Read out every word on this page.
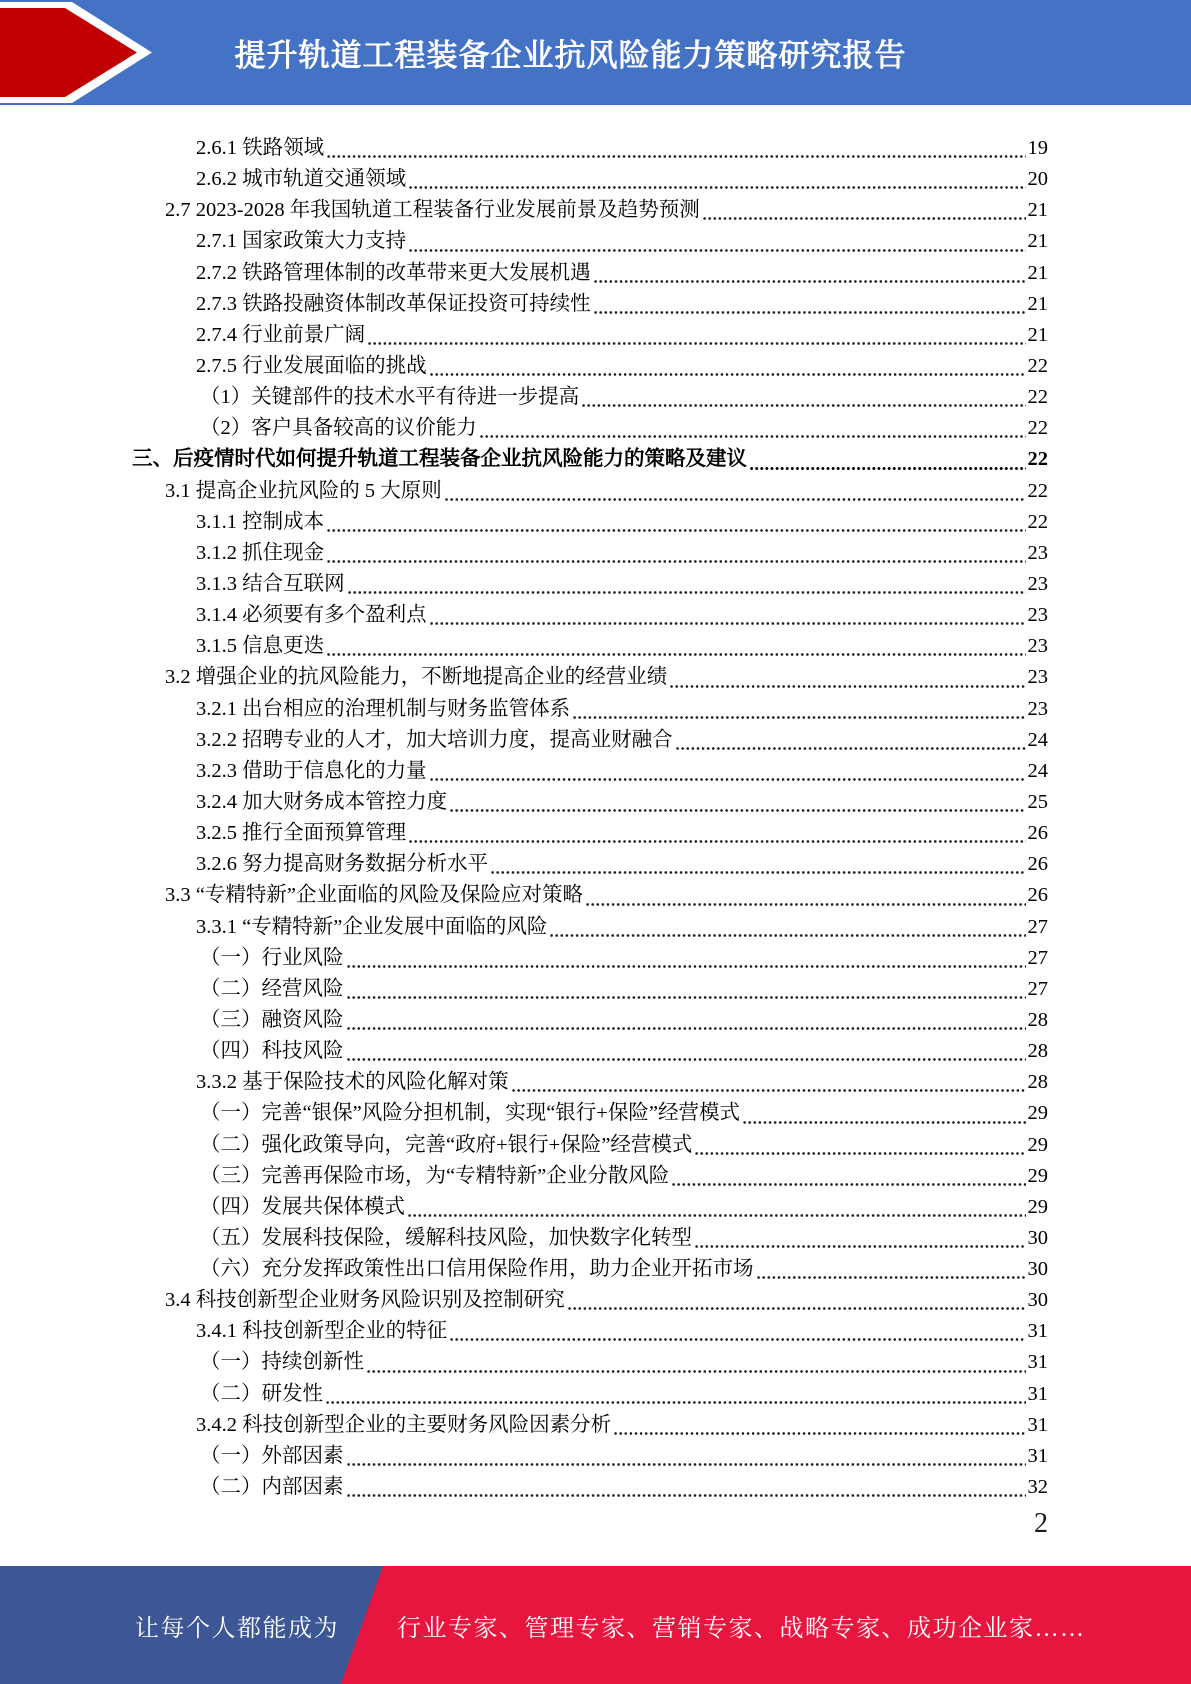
提升轨道工程装备企业抗风险能力策略研究报告
2.6.1 铁路领域	19
2.6.2 城市轨道交通领域	20
2.7 2023-2028 年我国轨道工程装备行业发展前景及趋势预测	21
2.7.1 国家政策大力支持	21
2.7.2 铁路管理体制的改革带来更大发展机遇	21
2.7.3 铁路投融资体制改革保证投资可持续性	21
2.7.4 行业前景广阔	21
2.7.5 行业发展面临的挑战	22
（1）关键部件的技术水平有待进一步提高	22
（2）客户具备较高的议价能力	22
三、后疫情时代如何提升轨道工程装备企业抗风险能力的策略及建议	22
3.1 提高企业抗风险的 5 大原则	22
3.1.1 控制成本	22
3.1.2 抓住现金	23
3.1.3 结合互联网	23
3.1.4 必须要有多个盈利点	23
3.1.5 信息更迭	23
3.2 增强企业的抗风险能力，不断地提高企业的经营业绩	23
3.2.1 出台相应的治理机制与财务监管体系	23
3.2.2 招聘专业的人才，加大培训力度，提高业财融合	24
3.2.3 借助于信息化的力量	24
3.2.4 加大财务成本管控力度	25
3.2.5 推行全面预算管理	26
3.2.6 努力提高财务数据分析水平	26
3.3 “专精特新”企业面临的风险及保险应对策略	26
3.3.1 “专精特新”企业发展中面临的风险	27
（一）行业风险	27
（二）经营风险	27
（三）融资风险	28
（四）科技风险	28
3.3.2 基于保险技术的风险化解对策	28
（一）完善“银保”风险分担机制，实现“银行+保险”经营模式	29
（二）强化政策导向，完善“政府+银行+保险”经营模式	29
（三）完善再保险市场，为“专精特新”企业分散风险	29
（四）发展共保体模式	29
（五）发展科技保险，缓解科技风险，加快数字化转型	30
（六）充分发挥政策性出口信用保险作用，助力企业开拓市场	30
3.4 科技创新型企业财务风险识别及控制研究	30
3.4.1 科技创新型企业的特征	31
（一）持续创新性	31
（二）研发性	31
3.4.2 科技创新型企业的主要财务风险因素分析	31
（一）外部因素	31
（二）内部因素	32
2
让每个人都能成为 行业专家、管理专家、营销专家、战略专家、成功企业家……
